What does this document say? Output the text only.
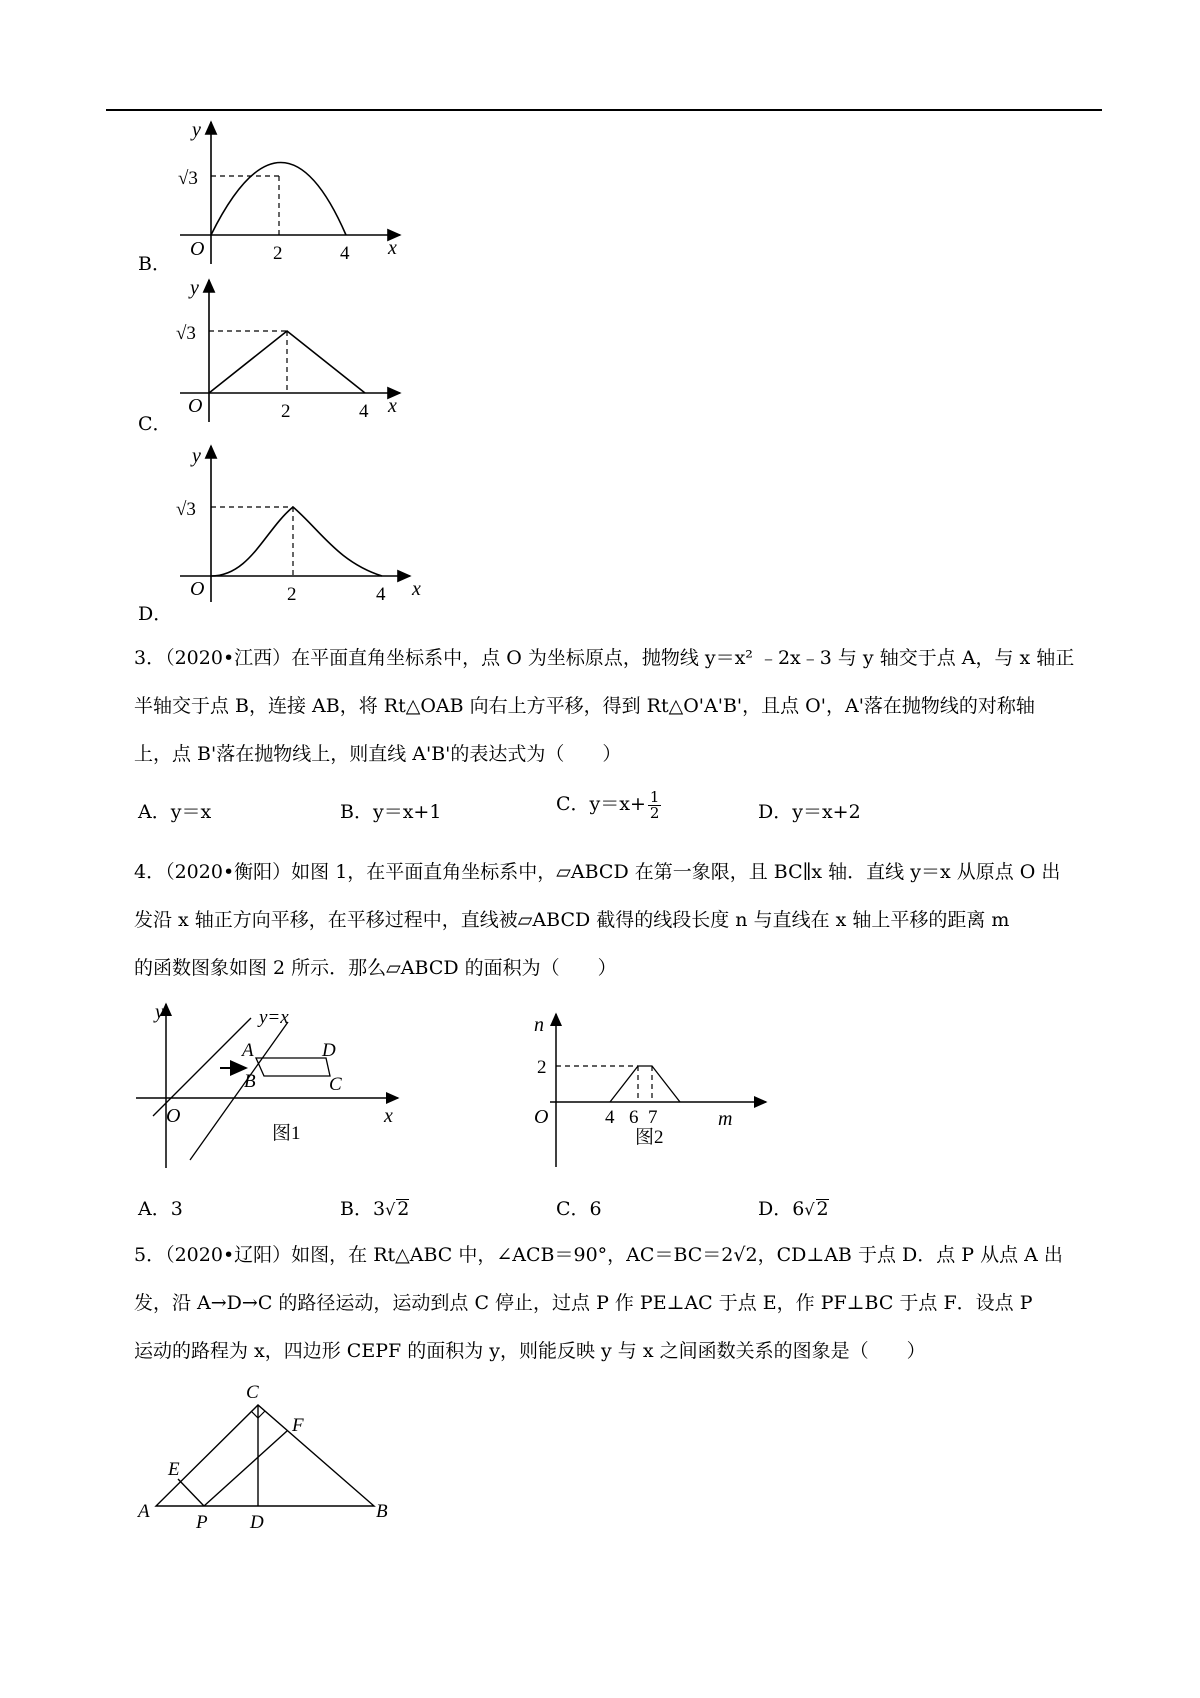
B．
y
x
O
√3
2	4
C．
y
x
O
√3
2	4
D．
y
x
O
√3
2	4

3．（2020•江西）在平面直角坐标系中，点 O 为坐标原点，抛物线 y＝x² ﹣2x﹣3 与 y 轴交于点 A，与 x 轴正

半轴交于点 B，连接 AB，将 Rt△OAB 向右上方平移，得到 Rt△O'A'B'，且点 O'，A'落在抛物线的对称轴

上，点 B'落在抛物线上，则直线 A'B'的表达式为（　　）

A．y＝x	B．y＝x+1	C．$y=x+ \frac{1}{2}$	D．y＝x+2

4．（2020•衡阳）如图 1，在平面直角坐标系中，▱ABCD 在第一象限，且 BC∥x 轴．直线 y＝x 从原点 O 出

发沿 x 轴正方向平移，在平移过程中，直线被▱ABCD 截得的线段长度 n 与直线在 x 轴上平移的距离 m

的函数图象如图 2 所示．那么▱ABCD 的面积为（　　）

y
x
O
y=x
A	D
B	C
图1
n
m
O
2
4 6 7
图2
A．3	B．3√ 2	C．6	D．6√ 2

5．（2020•辽阳）如图，在 Rt△ABC 中，∠ACB＝90°，AC＝BC＝2√2，CD⊥AB 于点 D．点 P 从点 A 出

发，沿 A→D→C 的路径运动，运动到点 C 停止，过点 P 作 PE⊥AC 于点 E，作 PF⊥BC 于点 F．设点 P

运动的路程为 x，四边形 CEPF 的面积为 y，则能反映 y 与 x 之间函数关系的图象是（　　）

A	B
C
D
E
F
P
